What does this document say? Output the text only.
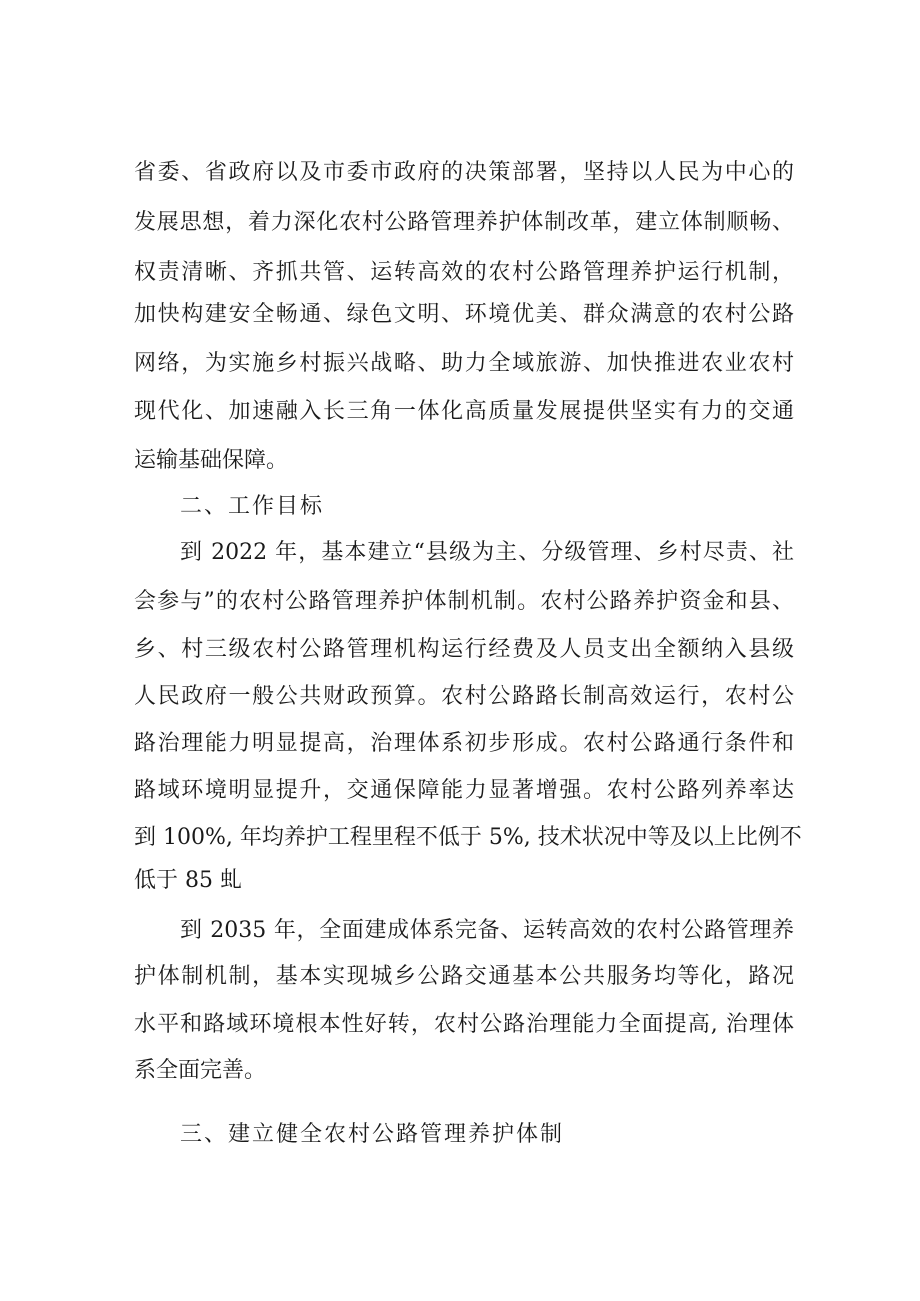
省委、省政府以及市委市政府的决策部署，坚持以人民为中心的
发展思想，着力深化农村公路管理养护体制改革，建立体制顺畅、
权责清晰、齐抓共管、运转高效的农村公路管理养护运行机制，
加快构建安全畅通、绿色文明、环境优美、群众满意的农村公路
网络，为实施乡村振兴战略、助力全域旅游、加快推进农业农村
现代化、加速融入长三角一体化高质量发展提供坚实有力的交通
运输基础保障。
二、工作目标
到 2022 年，基本建立“县级为主、分级管理、乡村尽责、社
会参与”的农村公路管理养护体制机制。农村公路养护资金和县、
乡、村三级农村公路管理机构运行经费及人员支出全额纳入县级
人民政府一般公共财政预算。农村公路路长制高效运行，农村公
路治理能力明显提高，治理体系初步形成。农村公路通行条件和
路域环境明显提升，交通保障能力显著增强。农村公路列养率达
到 100%, 年均养护工程里程不低于 5%, 技术状况中等及以上比例不
低于 85 虬
到 2035 年，全面建成体系完备、运转高效的农村公路管理养
护体制机制，基本实现城乡公路交通基本公共服务均等化，路况
水平和路域环境根本性好转，农村公路治理能力全面提高, 治理体
系全面完善。
三、建立健全农村公路管理养护体制
